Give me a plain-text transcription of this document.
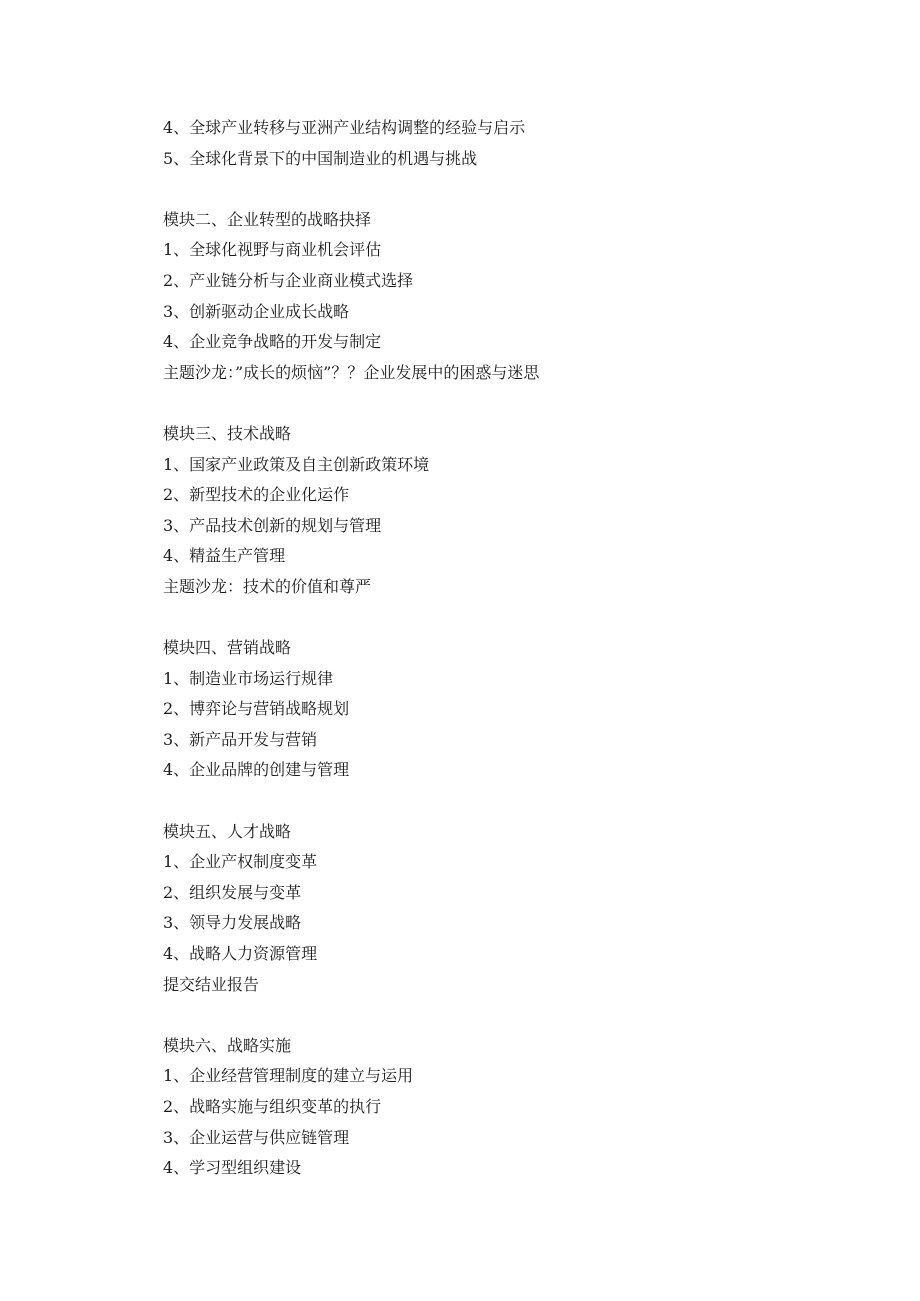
4、全球产业转移与亚洲产业结构调整的经验与启示
5、全球化背景下的中国制造业的机遇与挑战
模块二、企业转型的战略抉择
1、全球化视野与商业机会评估
2、产业链分析与企业商业模式选择
3、创新驱动企业成长战略
4、企业竞争战略的开发与制定
主题沙龙：”成长的烦恼”？？企业发展中的困惑与迷思
模块三、技术战略
1、国家产业政策及自主创新政策环境
2、新型技术的企业化运作
3、产品技术创新的规划与管理
4、精益生产管理
主题沙龙：技术的价值和尊严
模块四、营销战略
1、制造业市场运行规律
2、博弈论与营销战略规划
3、新产品开发与营销
4、企业品牌的创建与管理
模块五、人才战略
1、企业产权制度变革
2、组织发展与变革
3、领导力发展战略
4、战略人力资源管理
提交结业报告
模块六、战略实施
1、企业经营管理制度的建立与运用
2、战略实施与组织变革的执行
3、企业运营与供应链管理
4、学习型组织建设
